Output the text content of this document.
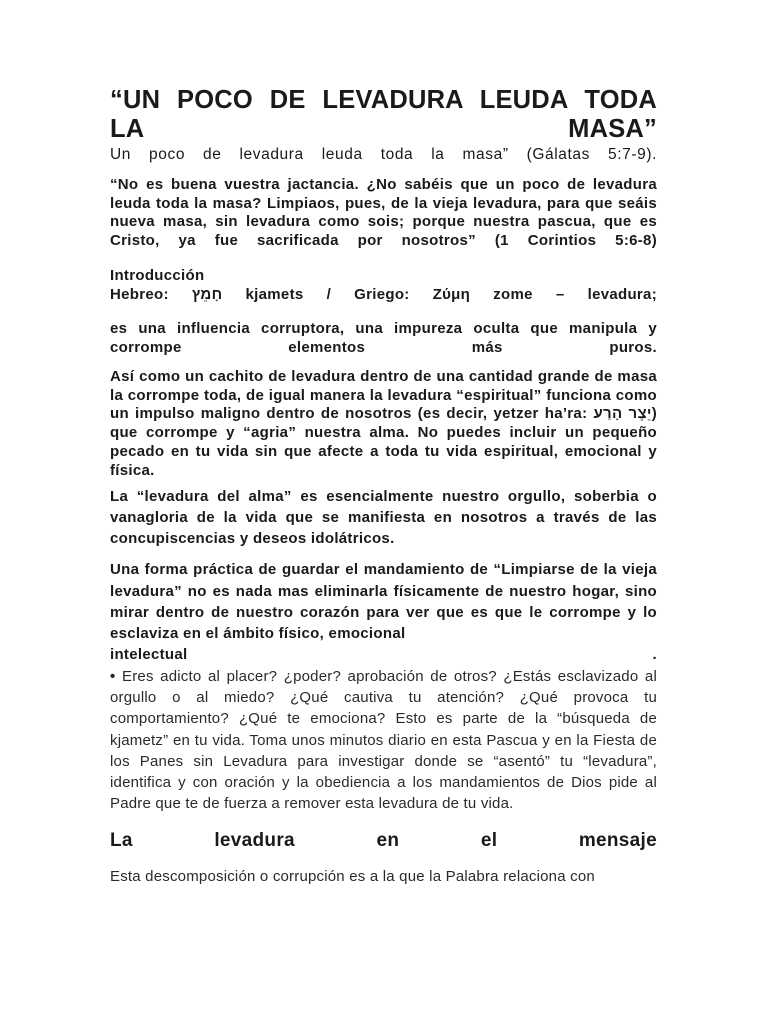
“UN POCO DE LEVADURA LEUDA TODA
LA MASA”

Un poco de levadura leuda toda la masa” (Gálatas 5:7-9).

“No es buena vuestra jactancia. ¿No sabéis que un poco de levadura leuda toda la masa? Limpiaos, pues, de la vieja levadura, para que seáis nueva masa, sin levadura como sois; porque nuestra pascua, que es Cristo, ya fue sacrificada por nosotros” (1 Corintios 5:6-8)

Introducción

Hebreo: חָמֵץ kjamets / Griego: Ζύμη zome – levadura;

es una influencia corruptora, una impureza oculta que manipula y corrompe elementos más puros.

Así como un cachito de levadura dentro de una cantidad grande de masa la corrompe toda, de igual manera la levadura “espiritual” funciona como un impulso maligno dentro de nosotros (es decir, yetzer ha’ra: יֵצֶר הָרַע) que corrompe y “agria” nuestra alma. No puedes incluir un pequeño pecado en tu vida sin que afecte a toda tu vida espiritual, emocional y física.

La “levadura del alma” es esencialmente nuestro orgullo, soberbia o vanagloria de la vida que se manifiesta en nosotros a través de las concupiscencias y deseos idolátricos.

Una forma práctica de guardar el mandamiento de “Limpiarse de la vieja levadura” no es nada mas eliminarla físicamente de nuestro hogar, sino mirar dentro de nuestro corazón para ver que es que le corrompe y lo esclaviza en el ámbito físico, emocional
intelectual	.

• Eres adicto al placer? ¿poder? aprobación de otros? ¿Estás esclavizado al orgullo o al miedo? ¿Qué cautiva tu atención? ¿Qué provoca tu comportamiento? ¿Qué te emociona? Esto es parte de la “búsqueda de kjametz” en tu vida. Toma unos minutos diario en esta Pascua y en la Fiesta de los Panes sin Levadura para investigar donde se “asentó” tu “levadura”, identifica y con oración y la obediencia a los mandamientos de Dios pide al Padre que te de fuerza a remover esta levadura de tu vida.

La levadura en el mensaje

Esta descomposición o corrupción es a la que la Palabra relaciona con
